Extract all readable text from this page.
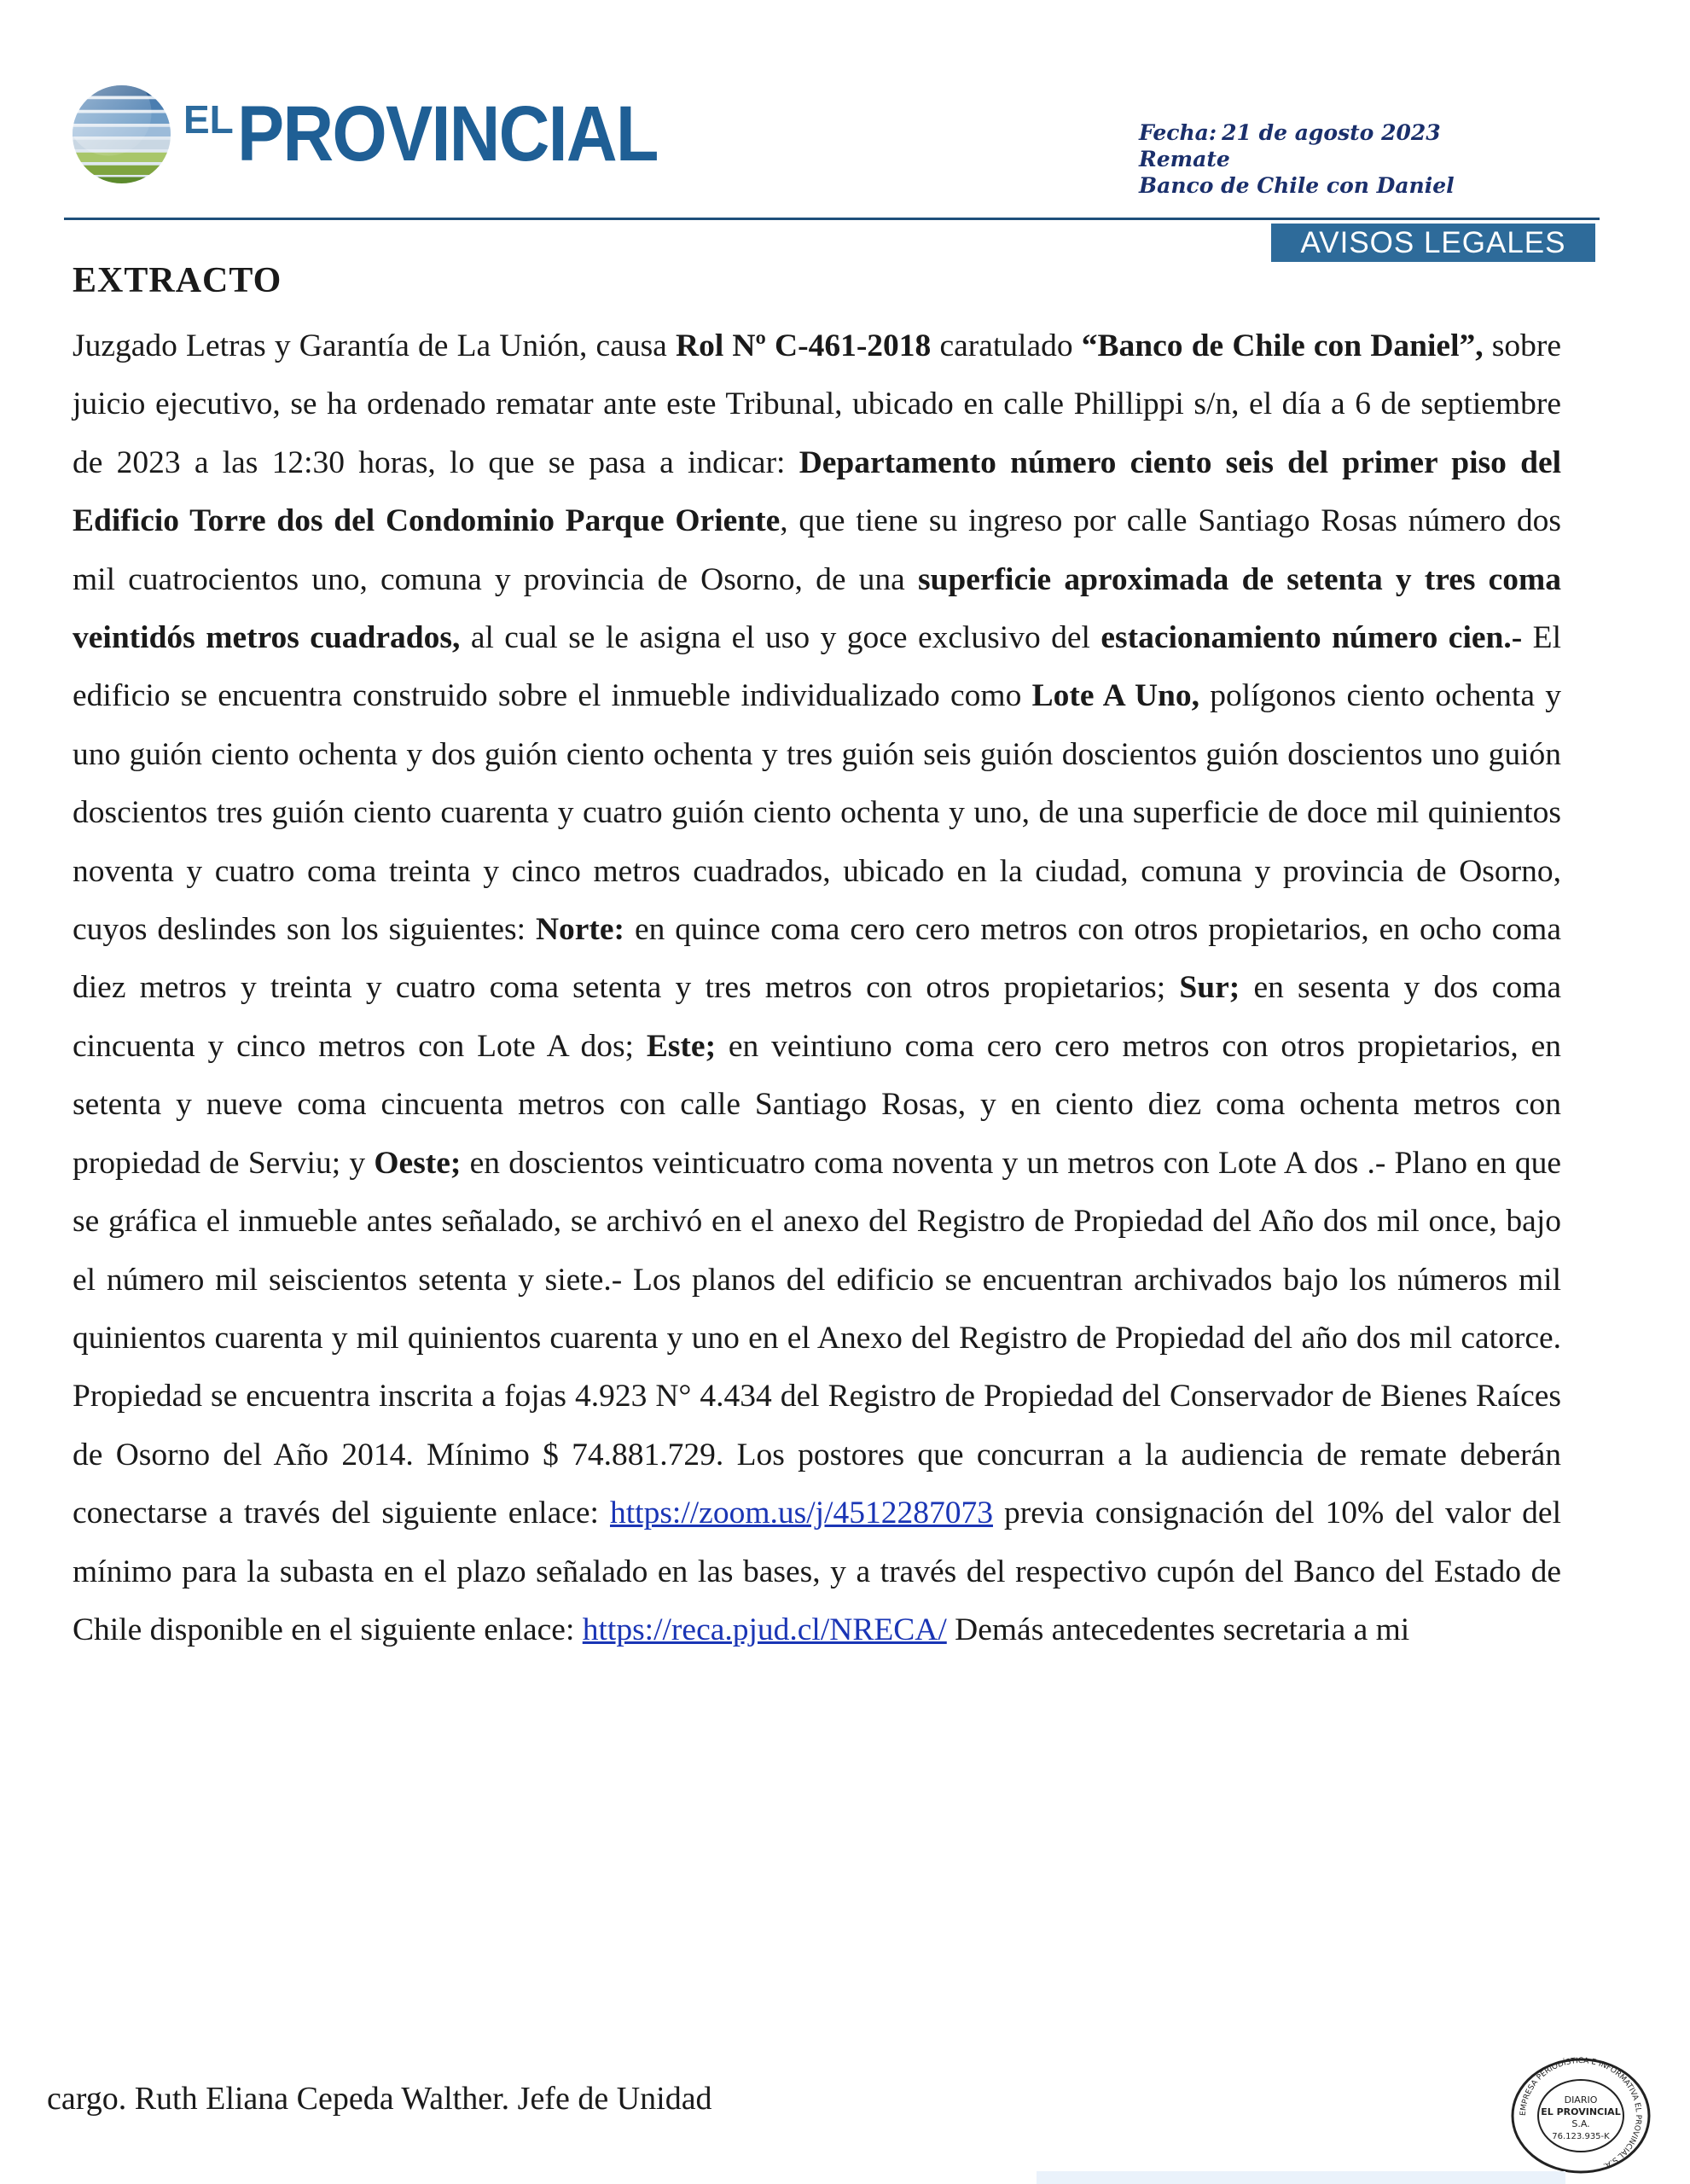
EL PROVINCIAL	Fecha: 21 de agosto 2023
Remate
Banco de Chile con Daniel
AVISOS LEGALES
EXTRACTO
Juzgado Letras y Garantía de La Unión, causa Rol Nº C-461-2018 caratulado “Banco de Chile con Daniel”, sobre juicio ejecutivo, se ha ordenado rematar ante este Tribunal, ubicado en calle Phillippi s/n, el día a 6 de septiembre de 2023 a las 12:30 horas, lo que se pasa a indicar: Departamento número ciento seis del primer piso del Edificio Torre dos del Condominio Parque Oriente, que tiene su ingreso por calle Santiago Rosas número dos mil cuatrocientos uno, comuna y provincia de Osorno, de una superficie aproximada de setenta y tres coma veintidós metros cuadrados, al cual se le asigna el uso y goce exclusivo del estacionamiento número cien.- El edificio se encuentra construido sobre el inmueble individualizado como Lote A Uno, polígonos ciento ochenta y uno guión ciento ochenta y dos guión ciento ochenta y tres guión seis guión doscientos guión doscientos uno guión doscientos tres guión ciento cuarenta y cuatro guión ciento ochenta y uno, de una superficie de doce mil quinientos noventa y cuatro coma treinta y cinco metros cuadrados, ubicado en la ciudad, comuna y provincia de Osorno, cuyos deslindes son los siguientes: Norte: en quince coma cero cero metros con otros propietarios, en ocho coma diez metros y treinta y cuatro coma setenta y tres metros con otros propietarios; Sur; en sesenta y dos coma cincuenta y cinco metros con Lote A dos; Este; en veintiuno coma cero cero metros con otros propietarios, en setenta y nueve coma cincuenta metros con calle Santiago Rosas, y en ciento diez coma ochenta metros con propiedad de Serviu; y Oeste; en doscientos veinticuatro coma noventa y un metros con Lote A dos .- Plano en que se gráfica el inmueble antes señalado, se archivó en el anexo del Registro de Propiedad del Año dos mil once, bajo el número mil seiscientos setenta y siete.- Los planos del edificio se encuentran archivados bajo los números mil quinientos cuarenta y mil quinientos cuarenta y uno en el Anexo del Registro de Propiedad del año dos mil catorce. Propiedad se encuentra inscrita a fojas 4.923 N° 4.434 del Registro de Propiedad del Conservador de Bienes Raíces de Osorno del Año 2014. Mínimo $ 74.881.729. Los postores que concurran a la audiencia de remate deberán conectarse a través del siguiente enlace: https://zoom.us/j/4512287073 previa consignación del 10% del valor del mínimo para la subasta en el plazo señalado en las bases, y a través del respectivo cupón del Banco del Estado de Chile disponible en el siguiente enlace: https://reca.pjud.cl/NRECA/ Demás antecedentes secretaria a mi
cargo. Ruth Eliana Cepeda Walther. Jefe de Unidad	EMPRESA PERIODÍSTICA E INFORMATIVA EL PROVINCIAL S.A.
DIARIO
EL PROVINCIAL
S.A.
76.123.935-K
